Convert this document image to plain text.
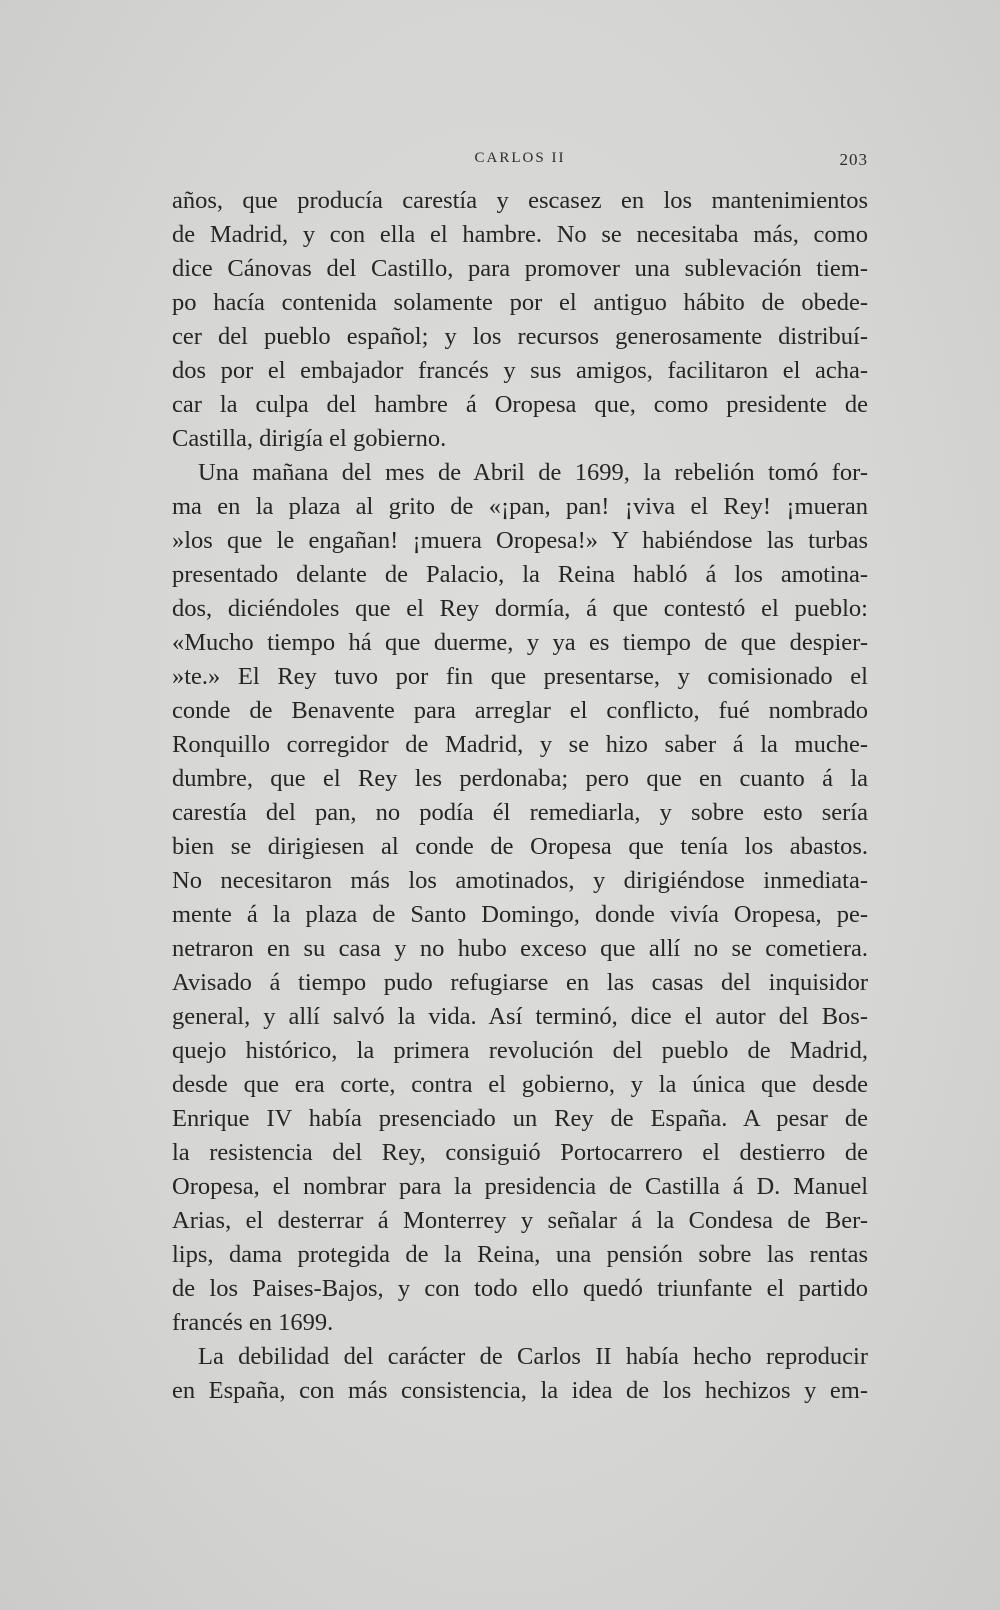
CARLOS II	203
años, que producía carestía y escasez en los mantenimientos
de Madrid, y con ella el hambre. No se necesitaba más, como
dice Cánovas del Castillo, para promover una sublevación tiem-
po hacía contenida solamente por el antiguo hábito de obede-
cer del pueblo español; y los recursos generosamente distribuí-
dos por el embajador francés y sus amigos, facilitaron el acha-
car la culpa del hambre á Oropesa que, como presidente de
Castilla, dirigía el gobierno.
Una mañana del mes de Abril de 1699, la rebelión tomó for-
ma en la plaza al grito de «¡pan, pan! ¡viva el Rey! ¡mueran
»los que le engañan! ¡muera Oropesa!» Y habiéndose las turbas
presentado delante de Palacio, la Reina habló á los amotina-
dos, diciéndoles que el Rey dormía, á que contestó el pueblo:
«Mucho tiempo há que duerme, y ya es tiempo de que despier-
»te.» El Rey tuvo por fin que presentarse, y comisionado el
conde de Benavente para arreglar el conflicto, fué nombrado
Ronquillo corregidor de Madrid, y se hizo saber á la muche-
dumbre, que el Rey les perdonaba; pero que en cuanto á la
carestía del pan, no podía él remediarla, y sobre esto sería
bien se dirigiesen al conde de Oropesa que tenía los abastos.
No necesitaron más los amotinados, y dirigiéndose inmediata-
mente á la plaza de Santo Domingo, donde vivía Oropesa, pe-
netraron en su casa y no hubo exceso que allí no se cometiera.
Avisado á tiempo pudo refugiarse en las casas del inquisidor
general, y allí salvó la vida. Así terminó, dice el autor del Bos-
quejo histórico, la primera revolución del pueblo de Madrid,
desde que era corte, contra el gobierno, y la única que desde
Enrique IV había presenciado un Rey de España. A pesar de
la resistencia del Rey, consiguió Portocarrero el destierro de
Oropesa, el nombrar para la presidencia de Castilla á D. Manuel
Arias, el desterrar á Monterrey y señalar á la Condesa de Ber-
lips, dama protegida de la Reina, una pensión sobre las rentas
de los Paises-Bajos, y con todo ello quedó triunfante el partido
francés en 1699.
La debilidad del carácter de Carlos II había hecho reproducir
en España, con más consistencia, la idea de los hechizos y em-
